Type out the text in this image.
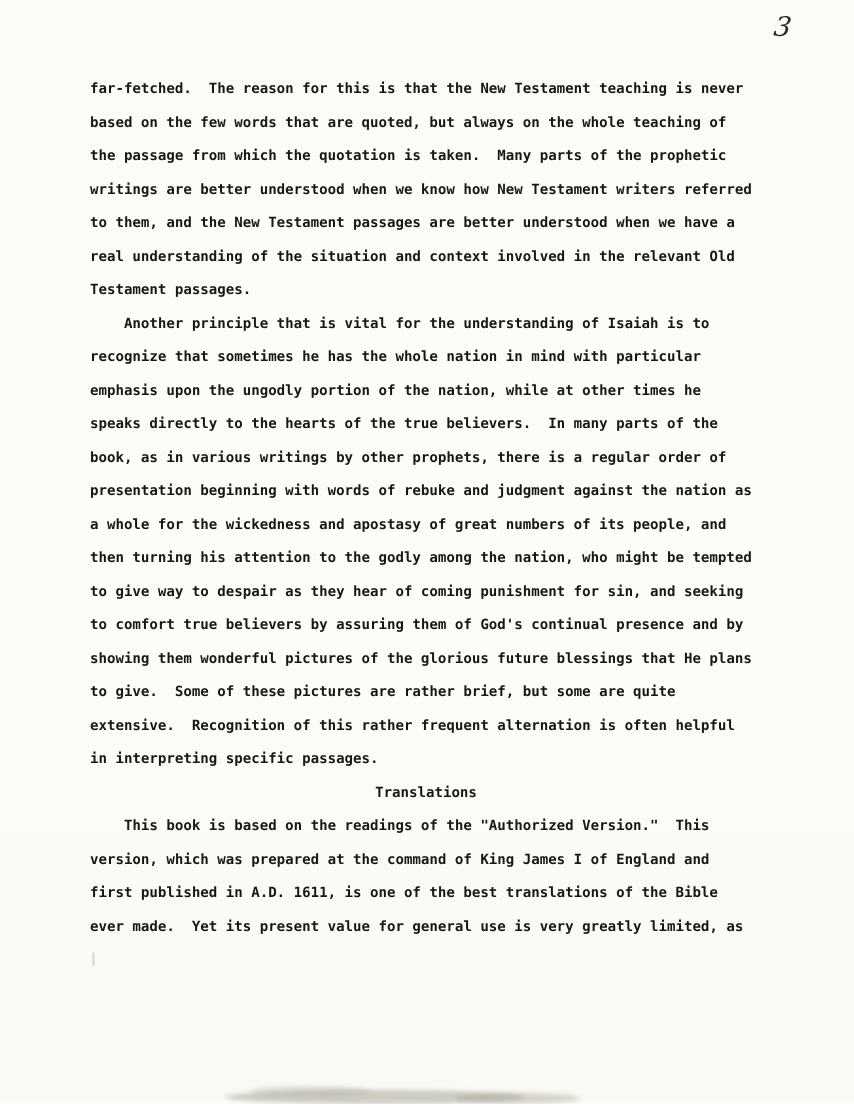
3
far-fetched.  The reason for this is that the New Testament teaching is never
based on the few words that are quoted, but always on the whole teaching of
the passage from which the quotation is taken.  Many parts of the prophetic
writings are better understood when we know how New Testament writers referred
to them, and the New Testament passages are better understood when we have a
real understanding of the situation and context involved in the relevant Old
Testament passages.
Another principle that is vital for the understanding of Isaiah is to
recognize that sometimes he has the whole nation in mind with particular
emphasis upon the ungodly portion of the nation, while at other times he
speaks directly to the hearts of the true believers.  In many parts of the
book, as in various writings by other prophets, there is a regular order of
presentation beginning with words of rebuke and judgment against the nation as
a whole for the wickedness and apostasy of great numbers of its people, and
then turning his attention to the godly among the nation, who might be tempted
to give way to despair as they hear of coming punishment for sin, and seeking
to comfort true believers by assuring them of God's continual presence and by
showing them wonderful pictures of the glorious future blessings that He plans
to give.  Some of these pictures are rather brief, but some are quite
extensive.  Recognition of this rather frequent alternation is often helpful
in interpreting specific passages.
Translations
This book is based on the readings of the "Authorized Version."  This
version, which was prepared at the command of King James I of England and
first published in A.D. 1611, is one of the best translations of the Bible
ever made.  Yet its present value for general use is very greatly limited, as
